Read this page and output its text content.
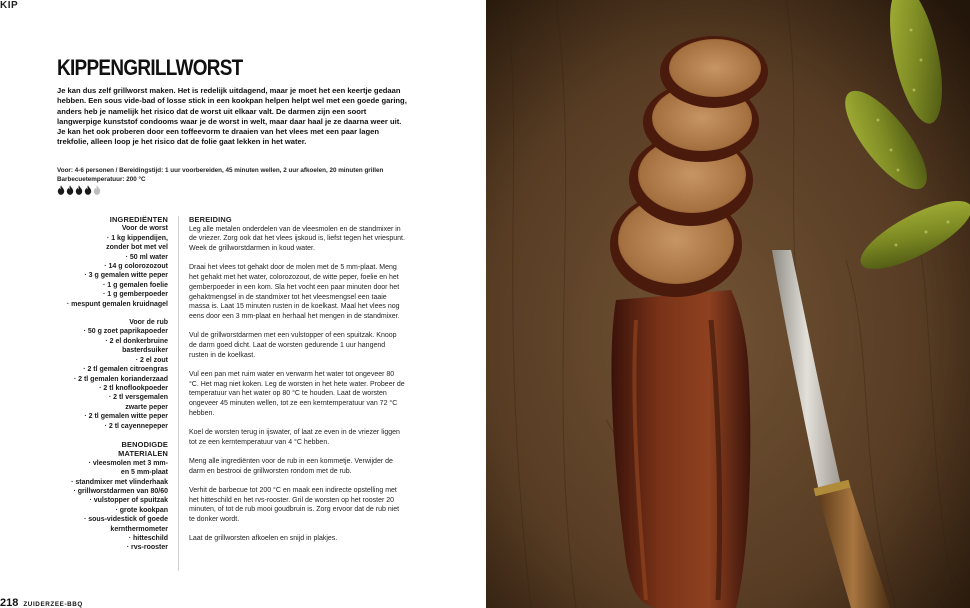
KIP
KIPPENGRILLWORST
Je kan dus zelf grillworst maken. Het is redelijk uitdagend, maar je moet het een keertje gedaan hebben. Een sous vide-bad of losse stick in een kookpan helpen helpt wel met een goede garing, anders heb je namelijk het risico dat de worst uit elkaar valt. De darmen zijn een soort langwerpige kunststof condooms waar je de worst in welt, maar daar haal je ze daarna weer uit. Je kan het ook proberen door een toffeevorm te draaien van het vlees met een paar lagen trekfolie, alleen loop je het risico dat de folie gaat lekken in het water.
Voor: 4-6 personen / Bereidingstijd: 1 uur voorbereiden, 45 minuten wellen, 2 uur afkoelen, 20 minuten grillen
Barbecuetemperatuur: 200 °C
INGREDIËNTEN
Voor de worst
· 1 kg kippendijen,
zonder bot met vel
· 50 ml water
· 14 g colorozozout
· 3 g gemalen witte peper
· 1 g gemalen foelie
· 1 g gemberpoeder
· mespunt gemalen kruidnagel
Voor de rub
· 50 g zoet paprikapoeder
· 2 el donkerbruine
basterdsuiker
· 2 el zout
· 2 tl gemalen citroengras
· 2 tl gemalen korianderzaad
· 2 tl knoflookpoeder
· 2 tl versgemalen
zwarte peper
· 2 tl gemalen witte peper
· 2 tl cayennepeper
BENODIGDE
MATERIALEN
· vleesmolen met 3 mm-
en 5 mm-plaat
· standmixer met vlinderhaak
· grillworstdarmen van 80/60
· vulstopper of spuitzak
· grote kookpan
· sous-videstick of goede
kernthermometer
· hitteschild
· rvs-rooster
BEREIDING

Leg alle metalen onderdelen van de vleesmolen en de standmixer in de vriezer. Zorg ook dat het vlees ijskoud is, liefst tegen het vriespunt. Week de grillworstdarmen in koud water.

Draai het vlees tot gehakt door de molen met de 5 mm-plaat. Meng het gehakt met het water, colorozozout, de witte peper, foelie en het gemberpoeder in een kom. Sla het vocht een paar minuten door het gehaktmengsel in de standmixer tot het vleesmengsel een taaie massa is. Laat 15 minuten rusten in de koelkast. Maal het vlees nog eens door een 3 mm-plaat en herhaal het mengen in de standmixer.

Vul de grillworstdarmen met een vulstopper of een spuitzak. Knoop de darm goed dicht. Laat de worsten gedurende 1 uur hangend rusten in de koelkast.

Vul een pan met ruim water en verwarm het water tot ongeveer 80 °C. Het mag niet koken. Leg de worsten in het hete water. Probeer de temperatuur van het water op 80 °C te houden. Laat de worsten ongeveer 45 minuten wellen, tot ze een kerntemperatuur van 72 °C hebben.

Koel de worsten terug in ijswater, of laat ze even in de vriezer liggen tot ze een kerntemperatuur van 4 °C hebben.

Meng alle ingrediënten voor de rub in een kommetje. Verwijder de darm en bestrooi de grillworsten rondom met de rub.

Verhit de barbecue tot 200 °C en maak een indirecte opstelling met het hitteschild en het rvs-rooster. Gril de worsten op het rooster 20 minuten, of tot de rub mooi goudbruin is. Zorg ervoor dat de rub niet te donker wordt.

Laat de grillworsten afkoelen en snijd in plakjes.

218 ZUIDERZEE-BBQ
